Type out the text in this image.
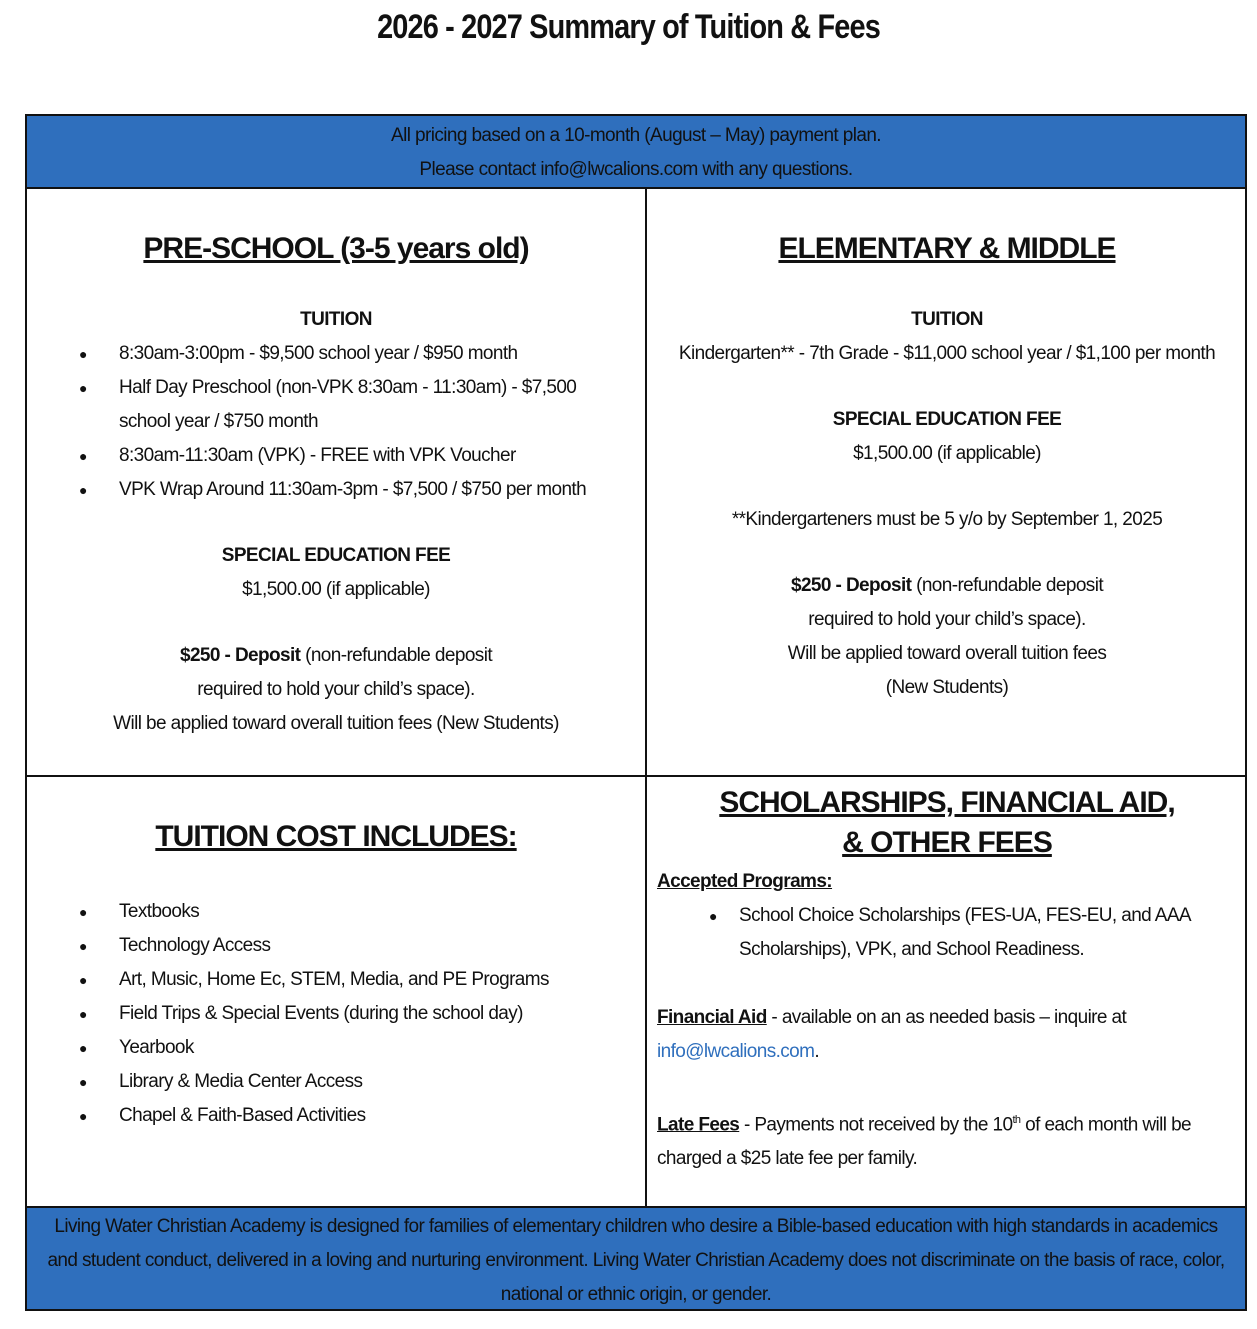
2026 - 2027 Summary of Tuition & Fees
All pricing based on a 10-month (August – May) payment plan.
Please contact info@lwcalions.com with any questions.
PRE-SCHOOL (3-5 years old)
TUITION
● 8:30am-3:00pm - $9,500 school year / $950 month
● Half Day Preschool (non-VPK 8:30am - 11:30am) - $7,500 school year / $750 month
● 8:30am-11:30am (VPK) - FREE with VPK Voucher
● VPK Wrap Around 11:30am-3pm - $7,500 / $750 per month
SPECIAL EDUCATION FEE
$1,500.00 (if applicable)
$250 - Deposit (non-refundable deposit
required to hold your child’s space).
Will be applied toward overall tuition fees (New Students)
ELEMENTARY & MIDDLE
TUITION
Kindergarten** - 7th Grade - $11,000 school year / $1,100 per month
SPECIAL EDUCATION FEE
$1,500.00 (if applicable)
**Kindergarteners must be 5 y/o by September 1, 2025
$250 - Deposit (non-refundable deposit
required to hold your child’s space).
Will be applied toward overall tuition fees
(New Students)
TUITION COST INCLUDES:
● Textbooks
● Technology Access
● Art, Music, Home Ec, STEM, Media, and PE Programs
● Field Trips & Special Events (during the school day)
● Yearbook
● Library & Media Center Access
● Chapel & Faith-Based Activities
SCHOLARSHIPS, FINANCIAL AID,
& OTHER FEES
Accepted Programs:
● School Choice Scholarships (FES-UA, FES-EU, and AAA Scholarships), VPK, and School Readiness.
Financial Aid - available on an as needed basis – inquire at
info@lwcalions.com.
Late Fees - Payments not received by the 10th of each month will be charged a $25 late fee per family.
Living Water Christian Academy is designed for families of elementary children who desire a Bible-based education with high standards in academics and student conduct, delivered in a loving and nurturing environment. Living Water Christian Academy does not discriminate on the basis of race, color, national or ethnic origin, or gender.
